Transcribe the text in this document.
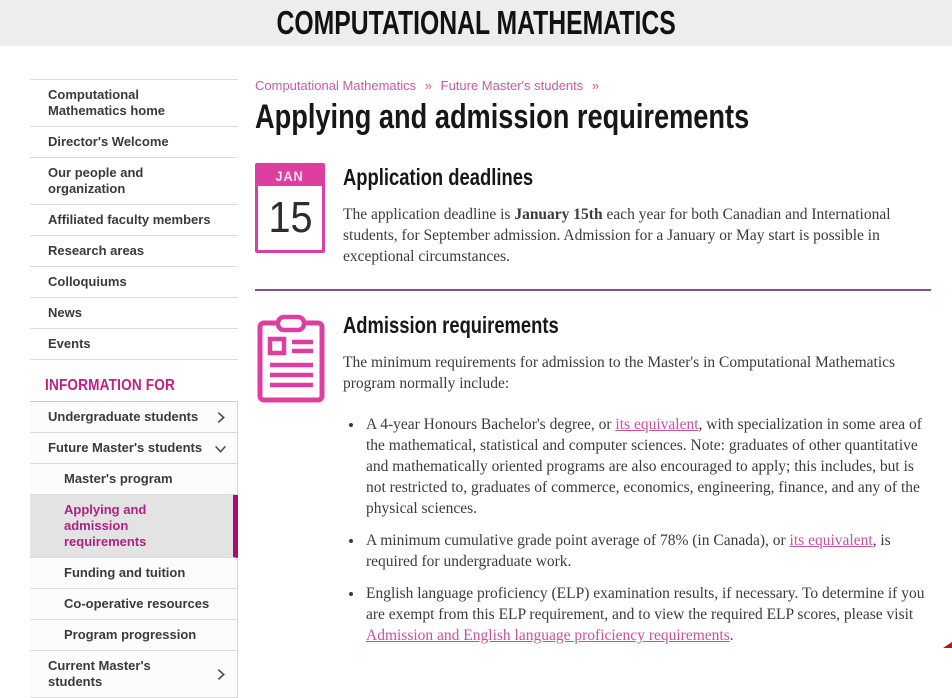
COMPUTATIONAL MATHEMATICS
Computational Mathematics home
Director's Welcome
Our people and organization
Affiliated faculty members
Research areas
Colloquiums
News
Events
INFORMATION FOR
Undergraduate students
Future Master's students
Master's program
Applying and admission requirements
Funding and tuition
Co-operative resources
Program progression
Current Master's students
Computational Mathematics » Future Master's students »
Applying and admission requirements
JAN
15
Application deadlines

The application deadline is January 15th each year for both Canadian and International students, for September admission. Admission for a January or May start is possible in exceptional circumstances.

Admission requirements

The minimum requirements for admission to the Master's in Computational Mathematics program normally include:

• A 4-year Honours Bachelor's degree, or its equivalent, with specialization in some area of the mathematical, statistical and computer sciences. Note: graduates of other quantitative and mathematically oriented programs are also encouraged to apply; this includes, but is not restricted to, graduates of commerce, economics, engineering, finance, and any of the physical sciences.
• A minimum cumulative grade point average of 78% (in Canada), or its equivalent, is required for undergraduate work.
• English language proficiency (ELP) examination results, if necessary. To determine if you are exempt from this ELP requirement, and to view the required ELP scores, please visit Admission and English language proficiency requirements.
